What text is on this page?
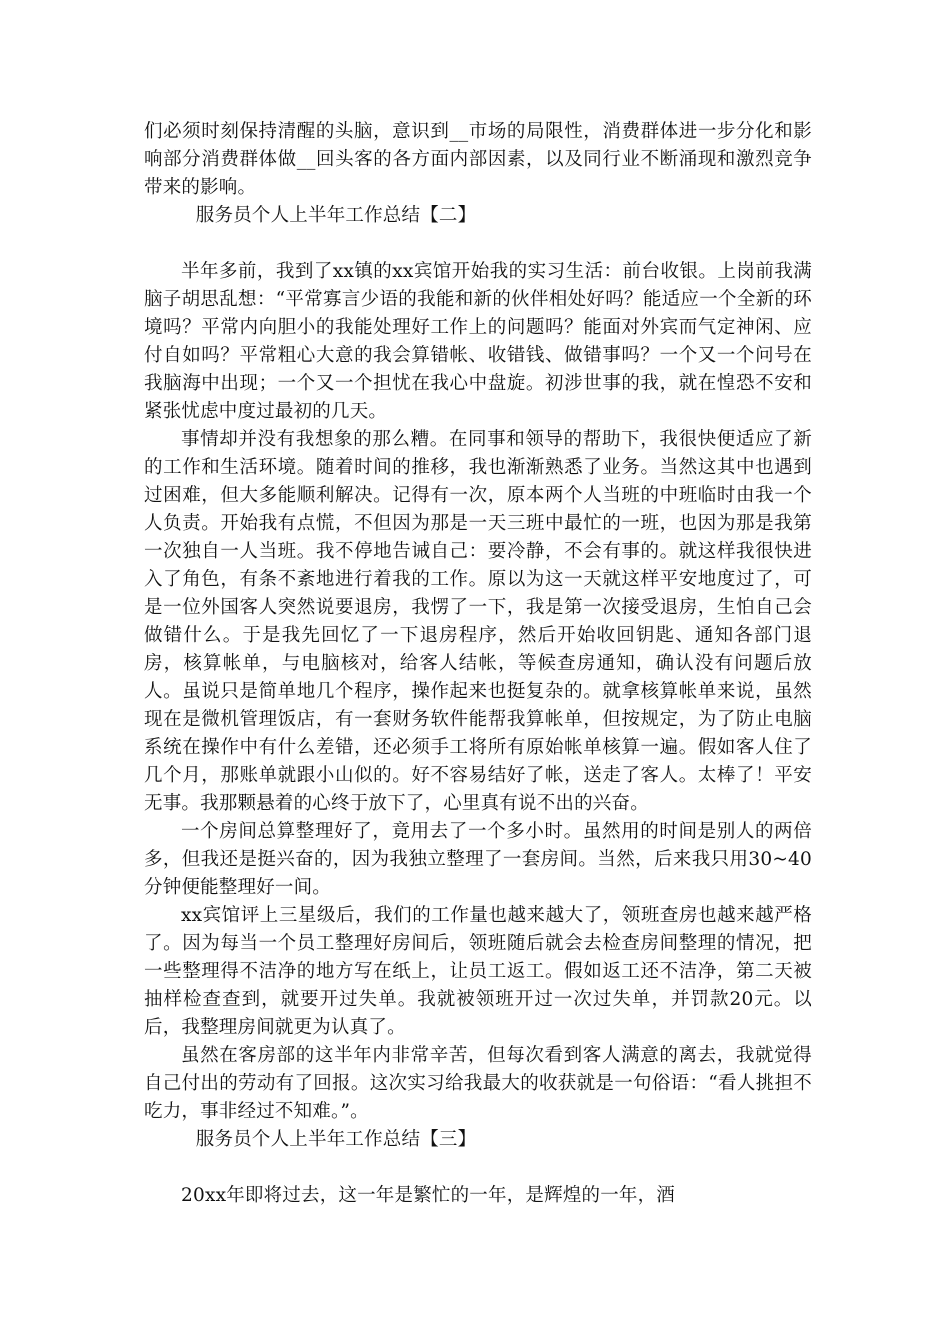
们必须时刻保持清醒的头脑，意识到__市场的局限性，消费群体进一步分化和影响部分消费群体做__回头客的各方面内部因素，以及同行业不断涌现和激烈竞争带来的影响。

服务员个人上半年工作总结【二】

半年多前，我到了xx镇的xx宾馆开始我的实习生活：前台收银。上岗前我满脑子胡思乱想：“平常寡言少语的我能和新的伙伴相处好吗？能适应一个全新的环境吗？平常内向胆小的我能处理好工作上的问题吗？能面对外宾而气定神闲、应付自如吗？平常粗心大意的我会算错帐、收错钱、做错事吗？一个又一个问号在我脑海中出现；一个又一个担忧在我心中盘旋。初涉世事的我，就在惶恐不安和紧张忧虑中度过最初的几天。

事情却并没有我想象的那么糟。在同事和领导的帮助下，我很快便适应了新的工作和生活环境。随着时间的推移，我也渐渐熟悉了业务。当然这其中也遇到过困难，但大多能顺利解决。记得有一次，原本两个人当班的中班临时由我一个人负责。开始我有点慌，不但因为那是一天三班中最忙的一班，也因为那是我第一次独自一人当班。我不停地告诫自己：要冷静，不会有事的。就这样我很快进入了角色，有条不紊地进行着我的工作。原以为这一天就这样平安地度过了，可是一位外国客人突然说要退房，我愣了一下，我是第一次接受退房，生怕自己会做错什么。于是我先回忆了一下退房程序，然后开始收回钥匙、通知各部门退房，核算帐单，与电脑核对，给客人结帐，等候查房通知，确认没有问题后放人。虽说只是简单地几个程序，操作起来也挺复杂的。就拿核算帐单来说，虽然现在是微机管理饭店，有一套财务软件能帮我算帐单，但按规定，为了防止电脑系统在操作中有什么差错，还必须手工将所有原始帐单核算一遍。假如客人住了几个月，那账单就跟小山似的。好不容易结好了帐，送走了客人。太棒了！平安无事。我那颗悬着的心终于放下了，心里真有说不出的兴奋。

一个房间总算整理好了，竟用去了一个多小时。虽然用的时间是别人的两倍多，但我还是挺兴奋的，因为我独立整理了一套房间。当然，后来我只用30~40分钟便能整理好一间。

xx宾馆评上三星级后，我们的工作量也越来越大了，领班查房也越来越严格了。因为每当一个员工整理好房间后，领班随后就会去检查房间整理的情况，把一些整理得不洁净的地方写在纸上，让员工返工。假如返工还不洁净，第二天被抽样检查查到，就要开过失单。我就被领班开过一次过失单，并罚款20元。以后，我整理房间就更为认真了。

虽然在客房部的这半年内非常辛苦，但每次看到客人满意的离去，我就觉得自己付出的劳动有了回报。这次实习给我最大的收获就是一句俗语：“看人挑担不吃力，事非经过不知难。”。

服务员个人上半年工作总结【三】

20xx年即将过去，这一年是繁忙的一年，是辉煌的一年，酒
